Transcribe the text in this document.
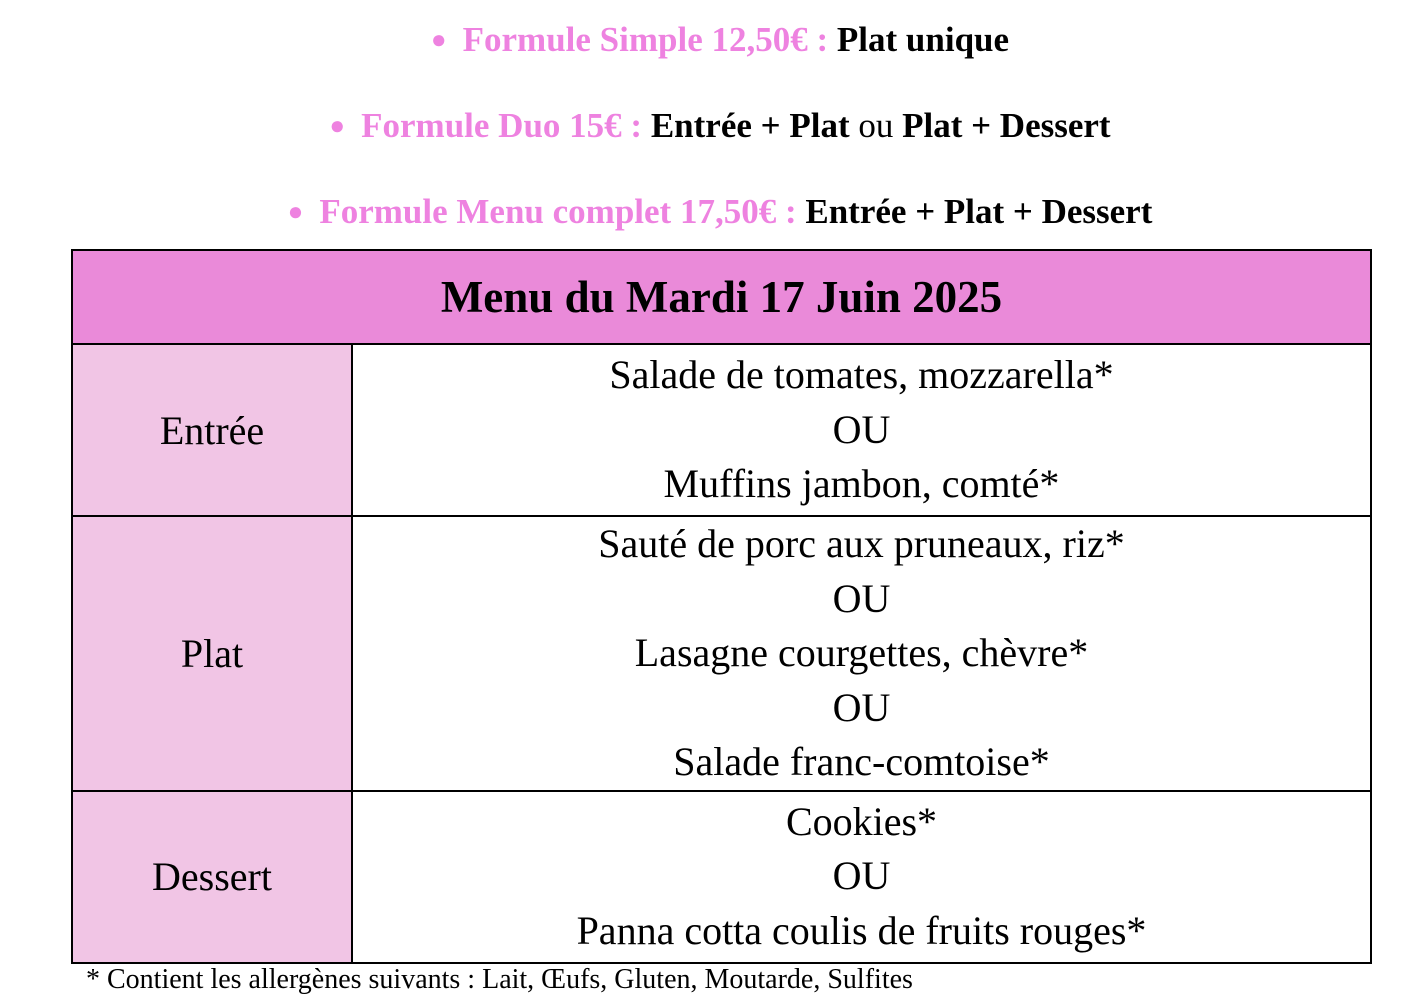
● Formule Simple 12,50€ : Plat unique
● Formule Duo 15€ : Entrée + Plat ou Plat + Dessert
● Formule Menu complet 17,50€ : Entrée + Plat + Dessert
Menu du Mardi 17 Juin 2025	
Entrée	Salade de tomates, mozzarella*
OU
Muffins jambon, comté*

Plat	Sauté de porc aux pruneaux, riz*
OU
Lasagne courgettes, chèvre*
OU
Salade franc-comtoise*

Dessert	Cookies*
OU
Panna cotta coulis de fruits rouges*
* Contient les allergènes suivants : Lait, Œufs, Gluten, Moutarde, Sulfites
